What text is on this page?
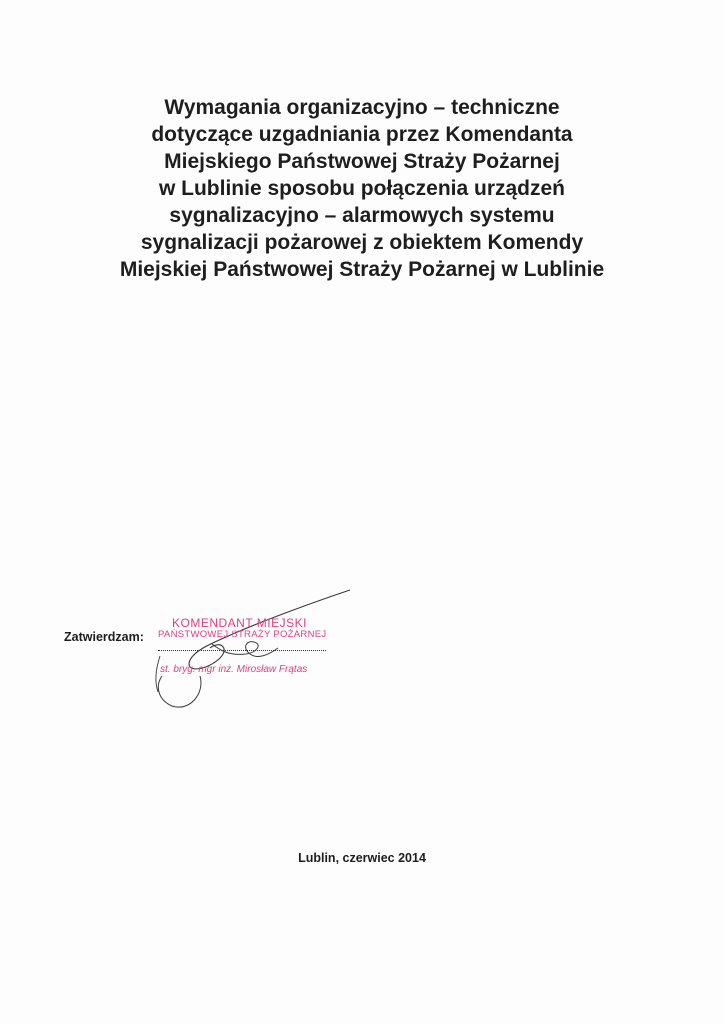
Wymagania organizacyjno – techniczne
dotyczące uzgadniania przez Komendanta
Miejskiego Państwowej Straży Pożarnej
w Lublinie sposobu połączenia urządzeń
sygnalizacyjno – alarmowych systemu
sygnalizacji pożarowej z obiektem Komendy
Miejskiej Państwowej Straży Pożarnej w Lublinie
Zatwierdzam:
KOMENDANT MIEJSKI
PAŃSTWOWEJ STRAŻY POŻARNEJ
st. bryg. mgr inż. Mirosław Frątas
Lublin, czerwiec 2014
